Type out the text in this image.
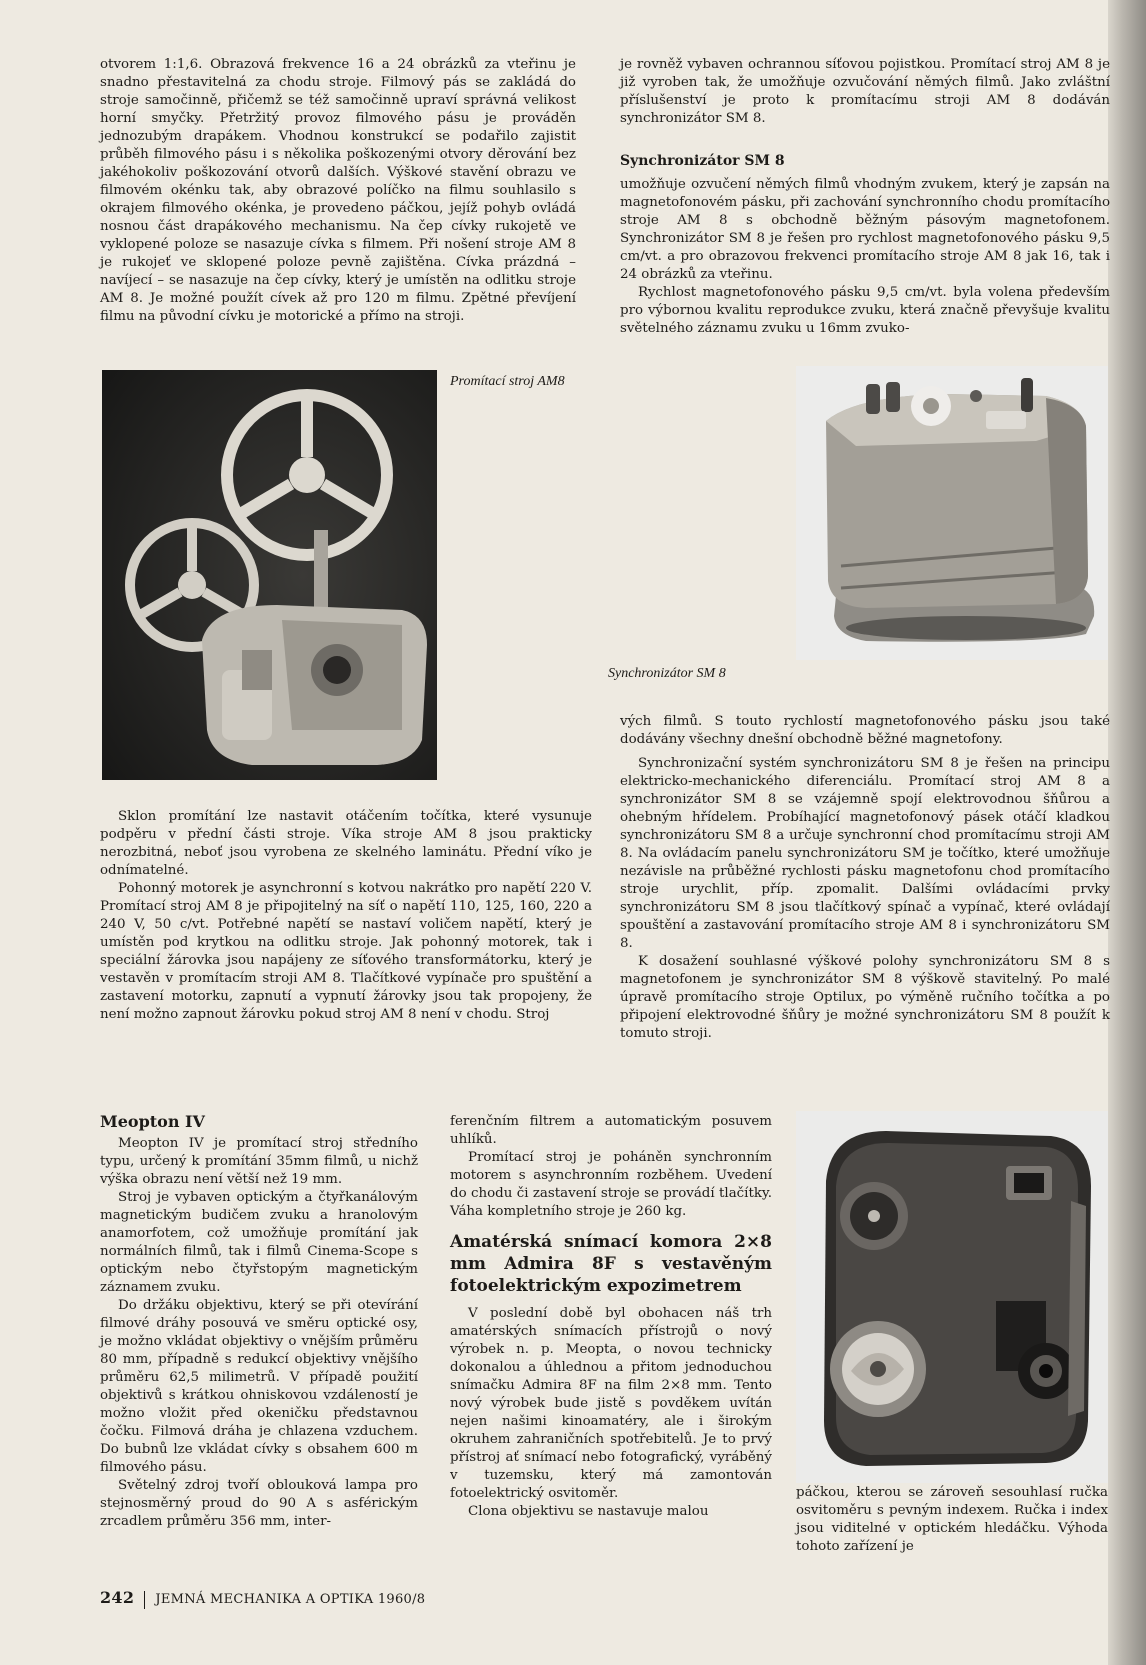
otvorem 1:1,6. Obrazová frekvence 16 a 24 obrázků za vteřinu je snadno přestavitelná za chodu stroje. Filmový pás se zakládá do stroje samočinně, přičemž se též samočinně upraví správná velikost horní smyčky. Přetržitý provoz filmového pásu je prováděn jednozubým drapákem. Vhodnou konstrukcí se podařilo zajistit průběh filmového pásu i s několika poškozenými otvory děrování bez jakéhokoliv poškozování otvorů dalších. Výškové stavění obrazu ve filmovém okénku tak, aby obrazové políčko na filmu souhlasilo s okrajem filmového okénka, je provedeno páčkou, jejíž pohyb ovládá nosnou část drapákového mechanismu. Na čep cívky rukojetě ve vyklopené poloze se nasazuje cívka s filmem. Při nošení stroje AM 8 je rukojeť ve sklopené poloze pevně zajištěna. Cívka prázdná – navíjecí – se nasazuje na čep cívky, který je umístěn na odlitku stroje AM 8. Je možné použít cívek až pro 120 m filmu. Zpětné převíjení filmu na původní cívku je motorické a přímo na stroji.

je rovněž vybaven ochrannou síťovou pojistkou. Promítací stroj AM 8 je již vyroben tak, že umožňuje ozvučování němých filmů. Jako zvláštní příslušenství je proto k promítacímu stroji AM 8 dodáván synchronizátor SM 8.

Synchronizátor SM 8

umožňuje ozvučení němých filmů vhodným zvukem, který je zapsán na magnetofonovém pásku, při zachování synchronního chodu promítacího stroje AM 8 s obchodně běžným pásovým magnetofonem. Synchronizátor SM 8 je řešen pro rychlost magnetofonového pásku 9,5 cm/vt. a pro obrazovou frekvenci promítacího stroje AM 8 jak 16, tak i 24 obrázků za vteřinu.

Rychlost magnetofonového pásku 9,5 cm/vt. byla volena především pro výbornou kvalitu reprodukce zvuku, která značně převyšuje kvalitu světelného záznamu zvuku u 16mm zvuko-

Promítací stroj AM8
Synchronizátor SM 8

Sklon promítání lze nastavit otáčením točítka, které vysunuje podpěru v přední části stroje. Víka stroje AM 8 jsou prakticky nerozbitná, neboť jsou vyrobena ze skelného laminátu. Přední víko je odnímatelné.

Pohonný motorek je asynchronní s kotvou nakrátko pro napětí 220 V. Promítací stroj AM 8 je připojitelný na síť o napětí 110, 125, 160, 220 a 240 V, 50 c/vt. Potřebné napětí se nastaví voličem napětí, který je umístěn pod krytkou na odlitku stroje. Jak pohonný motorek, tak i speciální žárovka jsou napájeny ze síťového transformátorku, který je vestavěn v promítacím stroji AM 8. Tlačítkové vypínače pro spuštění a zastavení motorku, zapnutí a vypnutí žárovky jsou tak propojeny, že není možno zapnout žárovku pokud stroj AM 8 není v chodu. Stroj

vých filmů. S touto rychlostí magnetofonového pásku jsou také dodávány všechny dnešní obchodně běžné magnetofony.

Synchronizační systém synchronizátoru SM 8 je řešen na principu elektricko-mechanického diferenciálu. Promítací stroj AM 8 a synchronizátor SM 8 se vzájemně spojí elektrovodnou šňůrou a ohebným hřídelem. Probíhající magnetofonový pásek otáčí kladkou synchronizátoru SM 8 a určuje synchronní chod promítacímu stroji AM 8. Na ovládacím panelu synchronizátoru SM je točítko, které umožňuje nezávisle na průběžné rychlosti pásku magnetofonu chod promítacího stroje urychlit, příp. zpomalit. Dalšími ovládacími prvky synchronizátoru SM 8 jsou tlačítkový spínač a vypínač, které ovládají spouštění a zastavování promítacího stroje AM 8 i synchronizátoru SM 8.

K dosažení souhlasné výškové polohy synchronizátoru SM 8 s magnetofonem je synchronizátor SM 8 výškově stavitelný. Po malé úpravě promítacího stroje Optilux, po výměně ručního točítka a po připojení elektrovodné šňůry je možné synchronizátoru SM 8 použít k tomuto stroji.

Meopton IV

Meopton IV je promítací stroj středního typu, určený k promítání 35mm filmů, u nichž výška obrazu není větší než 19 mm.

Stroj je vybaven optickým a čtyřkanálovým magnetickým budičem zvuku a hranolovým anamorfotem, což umožňuje promítání jak normálních filmů, tak i filmů Cinema-Scope s optickým nebo čtyřstopým magnetickým záznamem zvuku.

Do držáku objektivu, který se při otevírání filmové dráhy posouvá ve směru optické osy, je možno vkládat objektivy o vnějším průměru 80 mm, případně s redukcí objektivy vnějšího průměru 62,5 milimetrů. V případě použití objektivů s krátkou ohniskovou vzdáleností je možno vložit před okeničku představnou čočku. Filmová dráha je chlazena vzduchem. Do bubnů lze vkládat cívky s obsahem 600 m filmového pásu.

Světelný zdroj tvoří oblouková lampa pro stejnosměrný proud do 90 A s asférickým zrcadlem průměru 356 mm, inter-

ferenčním filtrem a automatickým posuvem uhlíků.

Promítací stroj je poháněn synchronním motorem s asynchronním rozběhem. Uvedení do chodu či zastavení stroje se provádí tlačítky. Váha kompletního stroje je 260 kg.

Amatérská snímací komora 2×8 mm Admira 8F s vestavěným fotoelektrickým expozimetrem

V poslední době byl obohacen náš trh amatérských snímacích přístrojů o nový výrobek n. p. Meopta, o novou technicky dokonalou a úhlednou a přitom jednoduchou snímačku Admira 8F na film 2×8 mm. Tento nový výrobek bude jistě s povděkem uvítán nejen našimi kinoamatéry, ale i širokým okruhem zahraničních spotřebitelů. Je to prvý přístroj ať snímací nebo fotografický, vyráběný v tuzemsku, který má zamontován fotoelektrický osvitoměr.

Clona objektivu se nastavuje malou

páčkou, kterou se zároveň sesouhlasí ručka osvitoměru s pevným indexem. Ručka i index jsou viditelné v optickém hledáčku. Výhoda tohoto zařízení je

242 JEMNÁ MECHANIKA A OPTIKA 1960/8
